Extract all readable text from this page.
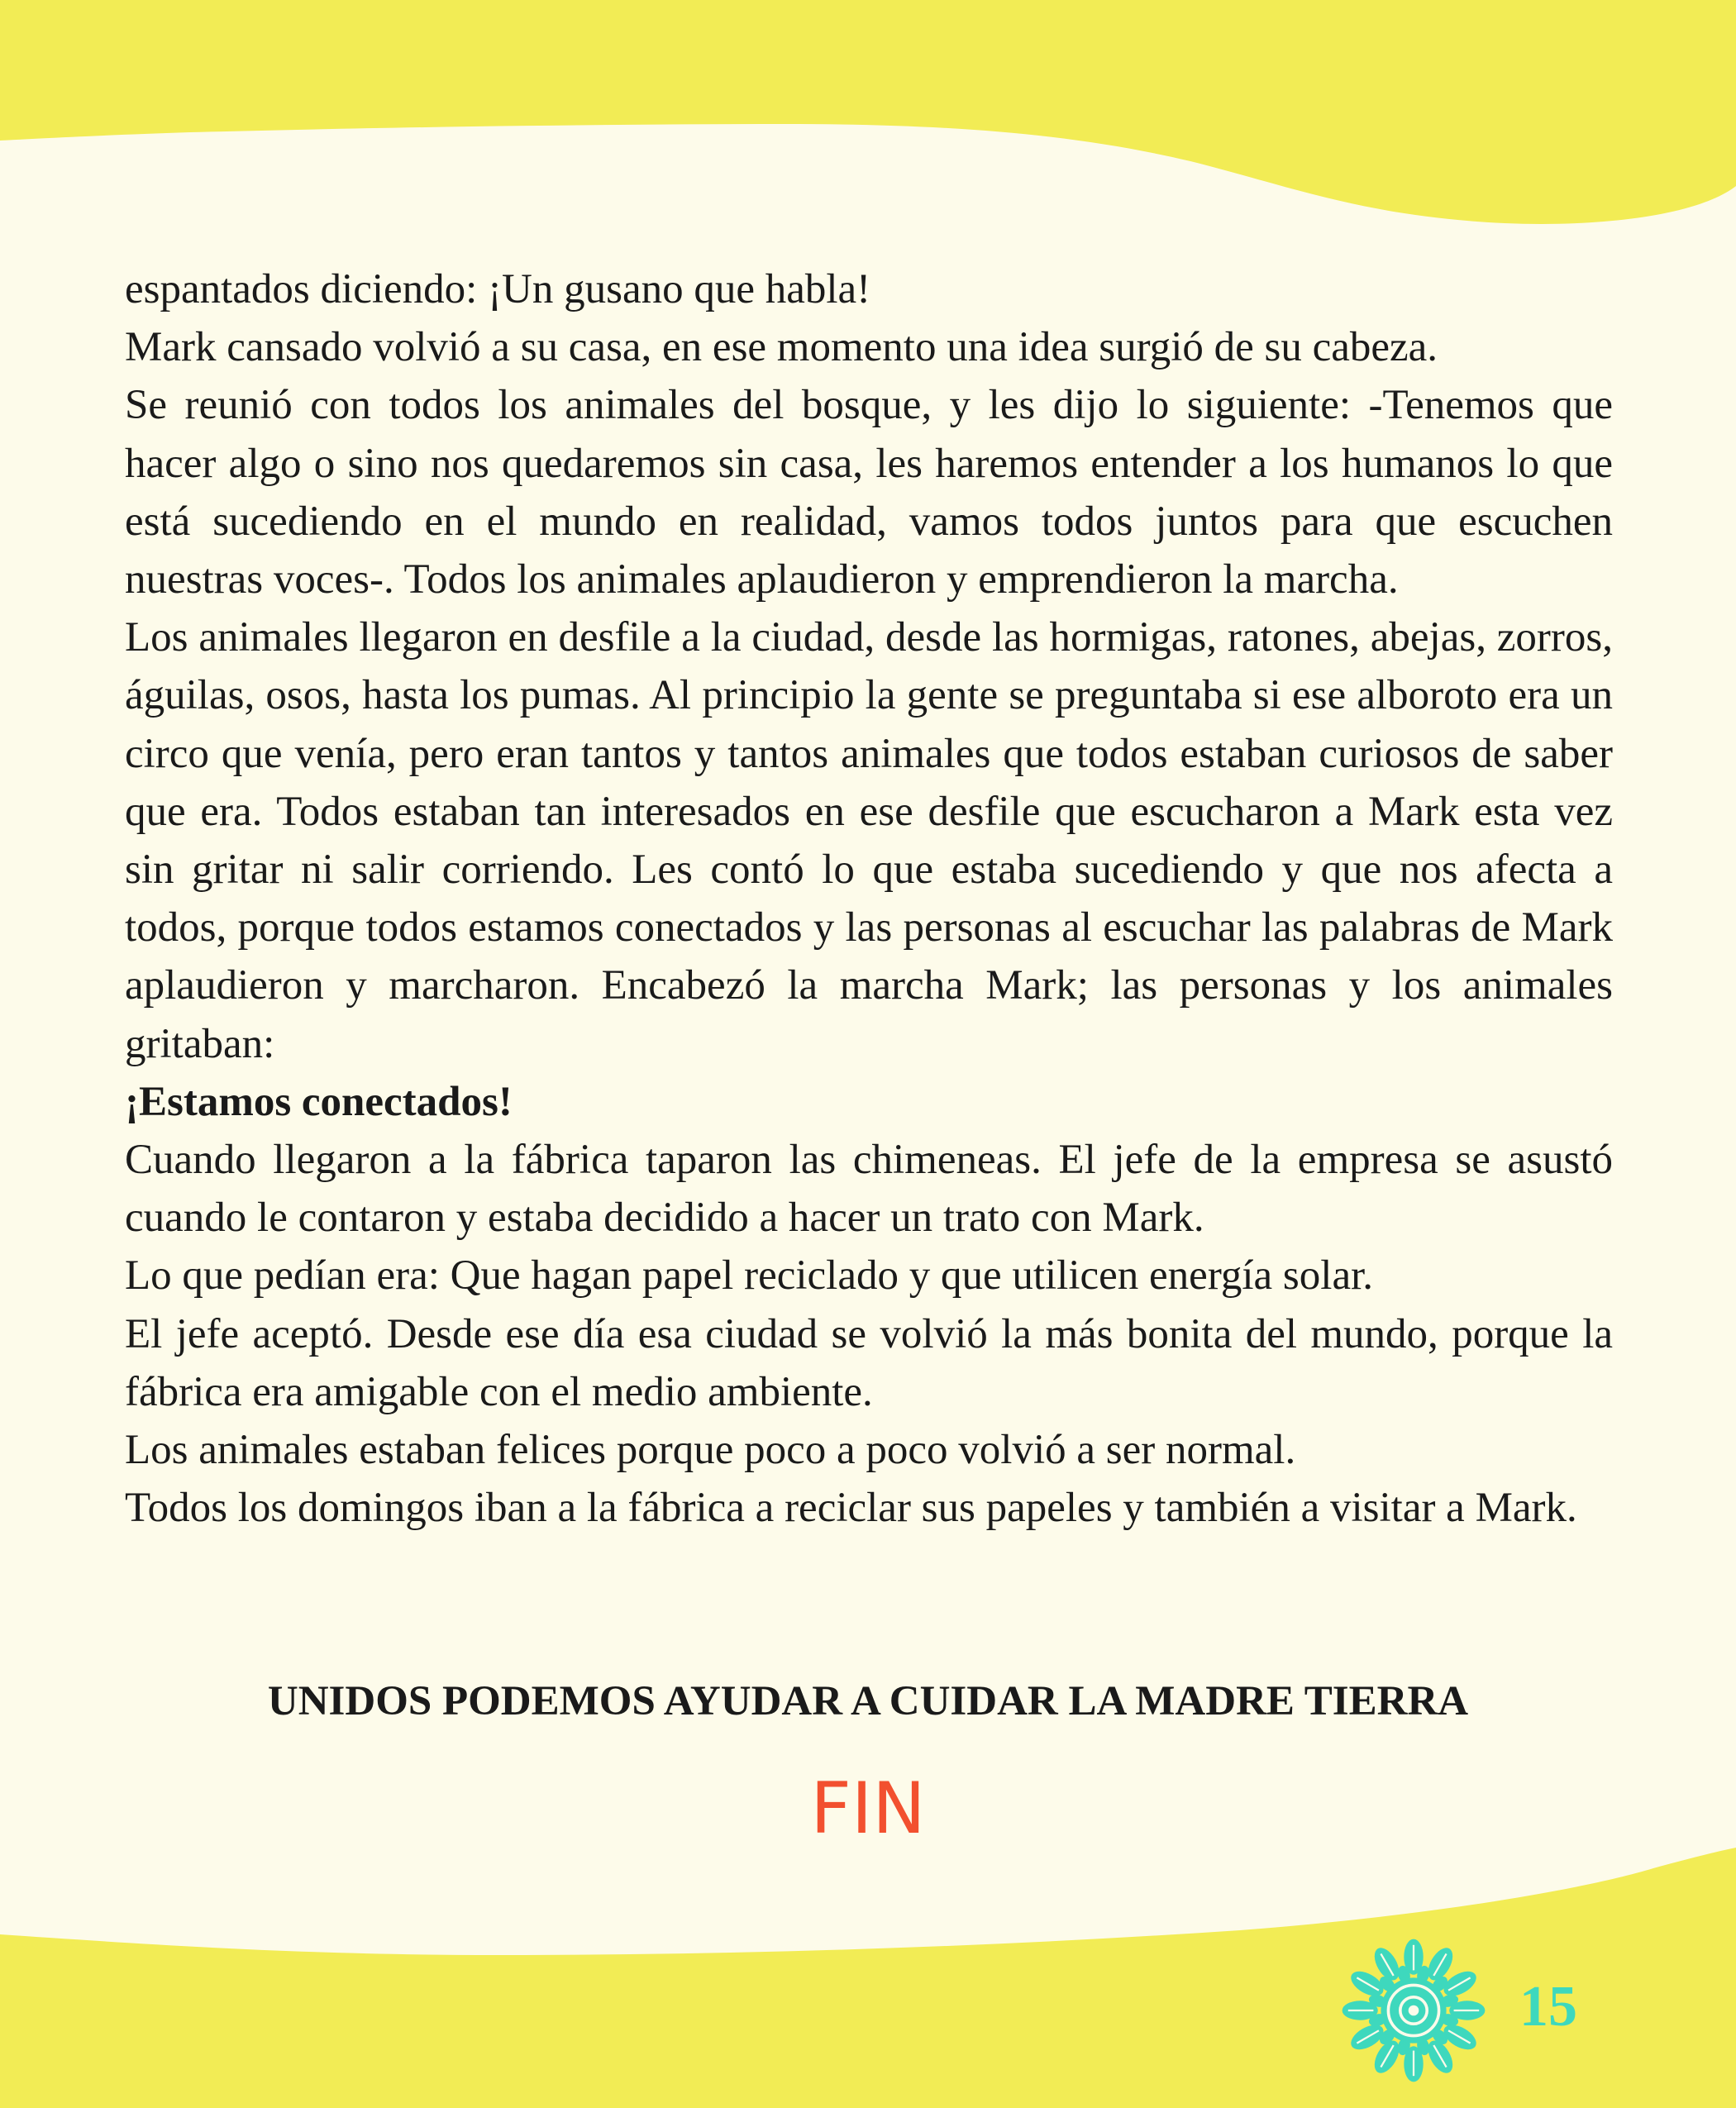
espantados diciendo: ¡Un gusano que habla!

Mark cansado volvió a su casa, en ese momento una idea surgió de su cabeza.

Se reunió con todos los animales del bosque, y les dijo lo siguiente: -Tenemos que hacer algo o sino nos quedaremos sin casa, les haremos entender a los humanos lo que está sucediendo en el mundo en realidad, vamos todos juntos para que escuchen nuestras voces-. Todos los animales aplaudieron y emprendieron la marcha.

Los animales llegaron en desfile a la ciudad, desde las hormigas, ratones, abejas, zorros, águilas, osos, hasta los pumas. Al principio la gente se preguntaba si ese alboroto era un circo que venía, pero eran tantos y tantos animales que todos estaban curiosos de saber que era. Todos estaban tan interesados en ese desfile que escucharon a Mark esta vez sin gritar ni salir corriendo. Les contó lo que estaba sucediendo y que nos afecta a todos, porque todos estamos conectados y las personas al escuchar las palabras de Mark aplaudieron y marcharon. Encabezó la marcha Mark; las personas y los animales gritaban:

¡Estamos conectados!

Cuando llegaron a la fábrica taparon las chimeneas. El jefe de la empresa se asustó cuando le contaron y estaba decidido a hacer un trato con Mark.

Lo que pedían era: Que hagan papel reciclado y que utilicen energía solar.

El jefe aceptó. Desde ese día esa ciudad se volvió la más bonita del mundo, porque la fábrica era amigable con el medio ambiente.

Los animales estaban felices porque poco a poco volvió a ser normal.

Todos los domingos iban a la fábrica a reciclar sus papeles y también a visitar a Mark.

UNIDOS PODEMOS AYUDAR A CUIDAR LA MADRE TIERRA
FIN
15
